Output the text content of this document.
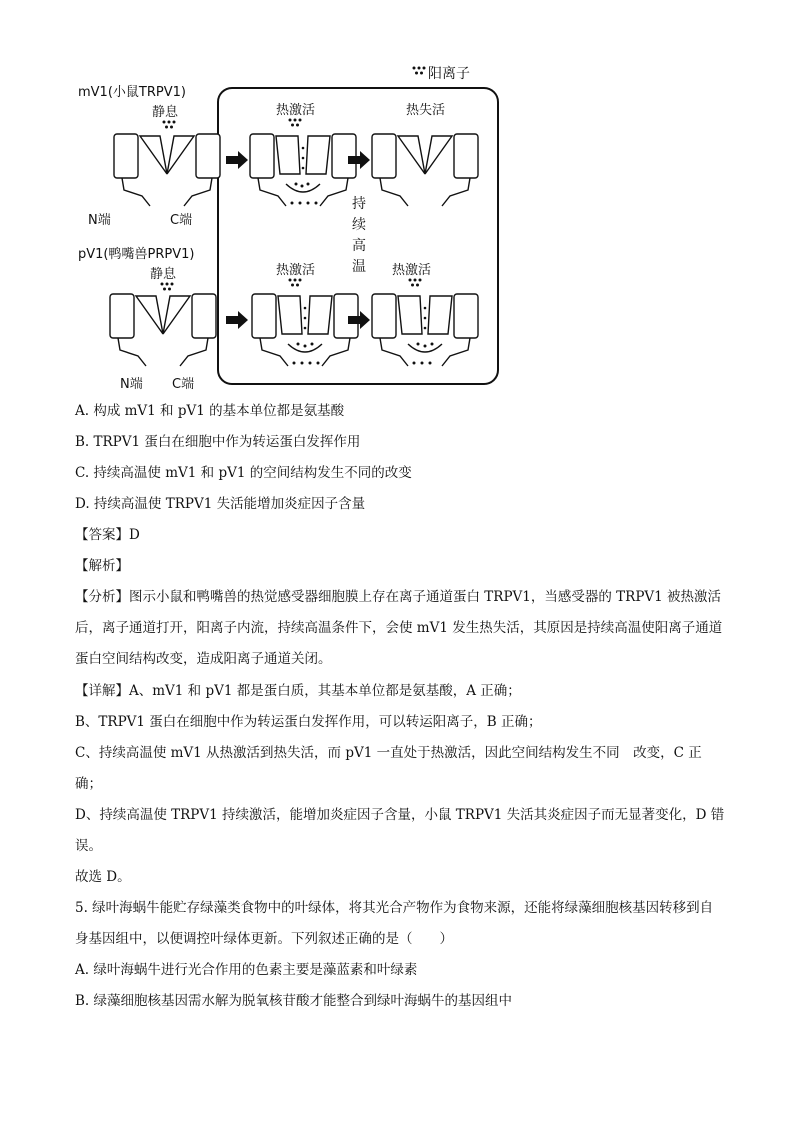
阳离子
mV1(小鼠TRPV1)
静息
N端	C端
热激活	热失活
持
续
高
温
pV1(鸭嘴兽PRPV1)
静息
N端 C端
热激活	热激活
A. 构成 mV1 和 pV1 的基本单位都是氨基酸
B. TRPV1 蛋白在细胞中作为转运蛋白发挥作用
C. 持续高温使 mV1 和 pV1 的空间结构发生不同的改变
D. 持续高温使 TRPV1 失活能增加炎症因子含量
【答案】D
【解析】
【分析】图示小鼠和鸭嘴兽的热觉感受器细胞膜上存在离子通道蛋白 TRPV1，当感受器的 TRPV1 被热激活后，离子通道打开，阳离子内流，持续高温条件下，会使 mV1 发生热失活，其原因是持续高温使阳离子通道蛋白空间结构改变，造成阳离子通道关闭。
【详解】A、mV1 和 pV1 都是蛋白质，其基本单位都是氨基酸，A 正确；
B、TRPV1 蛋白在细胞中作为转运蛋白发挥作用，可以转运阳离子，B 正确；
C、持续高温使 mV1 从热激活到热失活，而 pV1 一直处于热激活，因此空间结构发生不同　改变，C 正确；
D、持续高温使 TRPV1 持续激活，能增加炎症因子含量，小鼠 TRPV1 失活其炎症因子而无显著变化，D 错误。
故选 D。
5. 绿叶海蜗牛能贮存绿藻类食物中的叶绿体，将其光合产物作为食物来源，还能将绿藻细胞核基因转移到自身基因组中，以便调控叶绿体更新。下列叙述正确的是（　　）
A. 绿叶海蜗牛进行光合作用的色素主要是藻蓝素和叶绿素
B. 绿藻细胞核基因需水解为脱氧核苷酸才能整合到绿叶海蜗牛的基因组中
